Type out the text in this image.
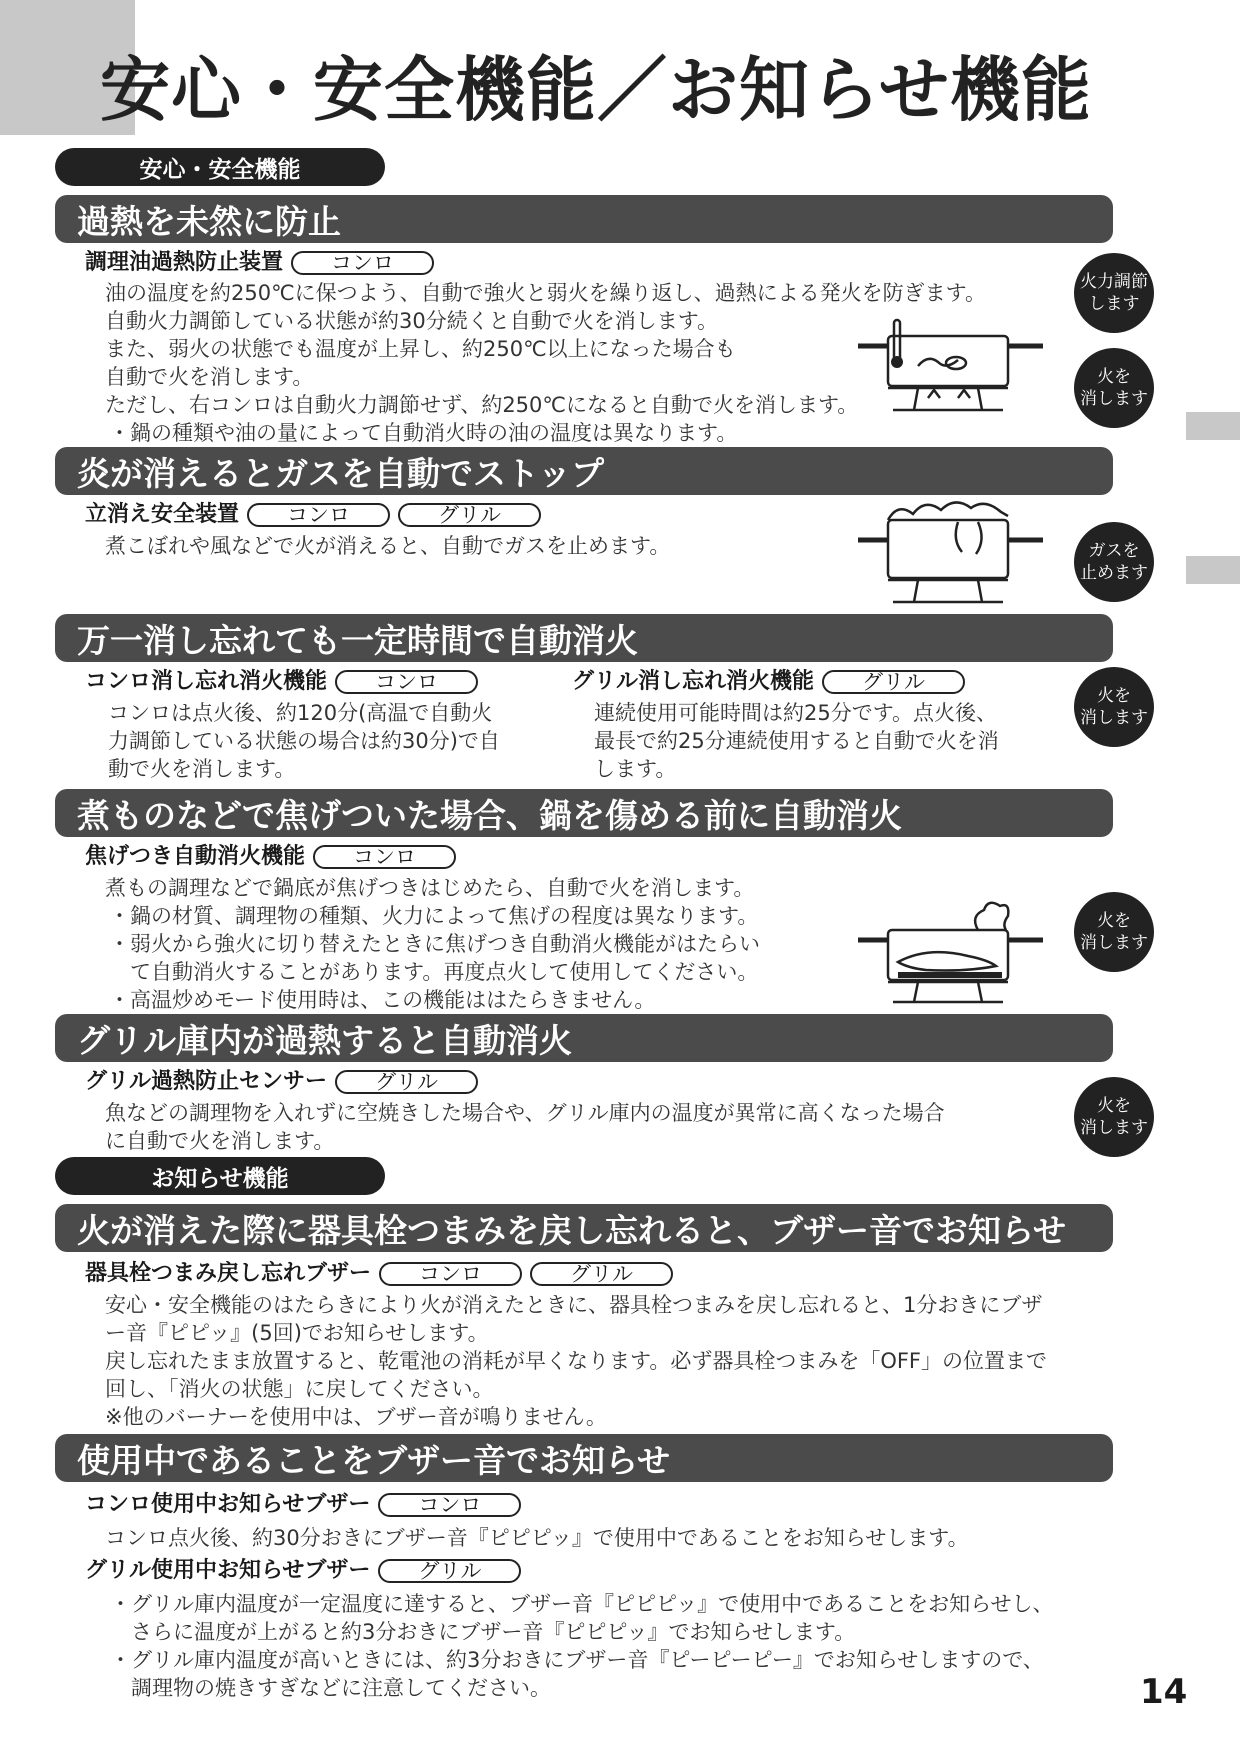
安心・安全機能／お知らせ機能
安心・安全機能
過熱を未然に防止
調理油過熱防止装置	コンロ
油の温度を約250℃に保つよう、自動で強火と弱火を繰り返し、過熱による発火を防ぎます。
自動火力調節している状態が約30分続くと自動で火を消します。
また、弱火の状態でも温度が上昇し、約250℃以上になった場合も
自動で火を消します。
ただし、右コンロは自動火力調節せず、約250℃になると自動で火を消します。
・鍋の種類や油の量によって自動消火時の油の温度は異なります。
火力調節
します
火を
消します
炎が消えるとガスを自動でストップ
立消え安全装置	コンロ	グリル
煮こぼれや風などで火が消えると、自動でガスを止めます。	ガスを
止めます
万一消し忘れても一定時間で自動消火
コンロ消し忘れ消火機能	コンロ
コンロは点火後、約120分(高温で自動火
力調節している状態の場合は約30分)で自
動で火を消します。
グリル消し忘れ消火機能	グリル
連続使用可能時間は約25分です。点火後、
最長で約25分連続使用すると自動で火を消
します。
火を
消します
煮ものなどで焦げついた場合、鍋を傷める前に自動消火
焦げつき自動消火機能	コンロ
煮もの調理などで鍋底が焦げつきはじめたら、自動で火を消します。
・鍋の材質、調理物の種類、火力によって焦げの程度は異なります。
・弱火から強火に切り替えたときに焦げつき自動消火機能がはたらい
　て自動消火することがあります。再度点火して使用してください。
・高温炒めモード使用時は、この機能ははたらきません。
火を
消します
グリル庫内が過熱すると自動消火
グリル過熱防止センサー	グリル
魚などの調理物を入れずに空焼きした場合や、グリル庫内の温度が異常に高くなった場合
に自動で火を消します。
火を
消します
お知らせ機能
火が消えた際に器具栓つまみを戻し忘れると、ブザー音でお知らせ
器具栓つまみ戻し忘れブザー	コンロ	グリル
安心・安全機能のはたらきにより火が消えたときに、器具栓つまみを戻し忘れると、1分おきにブザ
ー音『ピピッ』(5回)でお知らせします。
戻し忘れたまま放置すると、乾電池の消耗が早くなります。必ず器具栓つまみを「OFF」の位置まで
回し、「消火の状態」に戻してください。
※他のバーナーを使用中は、ブザー音が鳴りません。
使用中であることをブザー音でお知らせ
コンロ使用中お知らせブザー	コンロ
コンロ点火後、約30分おきにブザー音『ピピピッ』で使用中であることをお知らせします。
グリル使用中お知らせブザー	グリル
・グリル庫内温度が一定温度に達すると、ブザー音『ピピピッ』で使用中であることをお知らせし、
　さらに温度が上がると約3分おきにブザー音『ピピピッ』でお知らせします。
・グリル庫内温度が高いときには、約3分おきにブザー音『ピーピーピー』でお知らせしますので、
　調理物の焼きすぎなどに注意してください。	14
